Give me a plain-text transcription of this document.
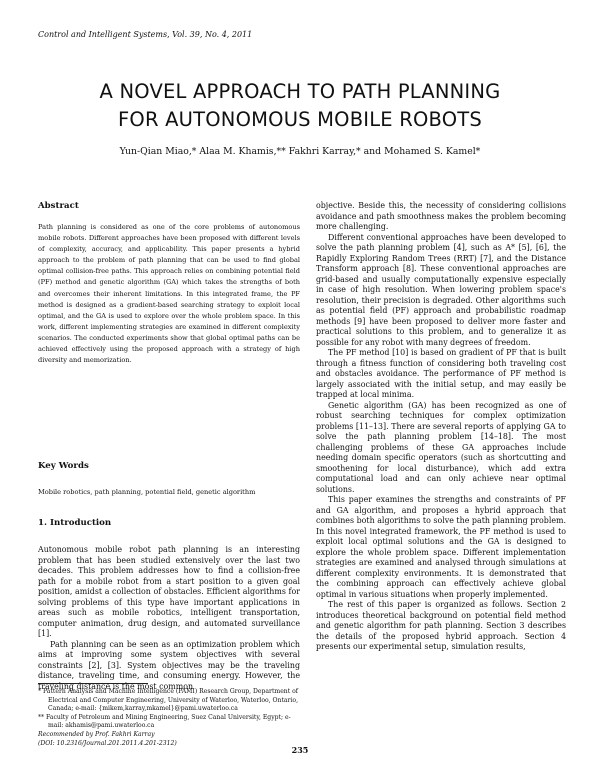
Control and Intelligent Systems, Vol. 39, No. 4, 2011
A NOVEL APPROACH TO PATH PLANNING
FOR AUTONOMOUS MOBILE ROBOTS
Yun-Qian Miao,* Alaa M. Khamis,** Fakhri Karray,* and Mohamed S. Kamel*
Abstract
Path planning is considered as one of the core problems of autonomous mobile robots. Different approaches have been proposed with different levels of complexity, accuracy, and applicability. This paper presents a hybrid approach to the problem of path planning that can be used to find global optimal collision-free paths. This approach relies on combining potential field (PF) method and genetic algorithm (GA) which takes the strengths of both and overcomes their inherent limitations. In this integrated frame, the PF method is designed as a gradient-based searching strategy to exploit local optimal, and the GA is used to explore over the whole problem space. In this work, different implementing strategies are examined in different complexity scenarios. The conducted experiments show that global optimal paths can be achieved effectively using the proposed approach with a strategy of high diversity and memorization.
Key Words
Mobile robotics, path planning, potential field, genetic algorithm
1. Introduction

Autonomous mobile robot path planning is an interesting problem that has been studied extensively over the last two decades. This problem addresses how to find a collision-free path for a mobile robot from a start position to a given goal position, amidst a collection of obstacles. Efficient algorithms for solving problems of this type have important applications in areas such as mobile robotics, intelligent transportation, computer animation, drug design, and automated surveillance [1].

Path planning can be seen as an optimization problem which aims at improving some system objectives with several constraints [2], [3]. System objectives may be the traveling distance, traveling time, and consuming energy. However, the traveling distance is the most common

* Pattern Analysis and Machine Intelligence (PAMI) Research Group, Department of Electrical and Computer Engineering, University of Waterloo, Waterloo, Ontario, Canada; e-mail: {mikem,karray,mkamel}@pami.uwaterloo.ca

** Faculty of Petroleum and Mining Engineering, Suez Canal University, Egypt; e-mail: akhamis@pami.uwaterloo.ca

Recommended by Prof. Fakhri Karray

(DOI: 10.2316/Journal.201.2011.4.201-2312)

objective. Beside this, the necessity of considering collisions avoidance and path smoothness makes the problem becoming more challenging.

Different conventional approaches have been developed to solve the path planning problem [4], such as A* [5], [6], the Rapidly Exploring Random Trees (RRT) [7], and the Distance Transform approach [8]. These conventional approaches are grid-based and usually computationally expensive especially in case of high resolution. When lowering problem space's resolution, their precision is degraded. Other algorithms such as potential field (PF) approach and probabilistic roadmap methods [9] have been proposed to deliver more faster and practical solutions to this problem, and to generalize it as possible for any robot with many degrees of freedom.

The PF method [10] is based on gradient of PF that is built through a fitness function of considering both traveling cost and obstacles avoidance. The performance of PF method is largely associated with the initial setup, and may easily be trapped at local minima.

Genetic algorithm (GA) has been recognized as one of robust searching techniques for complex optimization problems [11–13]. There are several reports of applying GA to solve the path planning problem [14–18]. The most challenging problems of these GA approaches include needing domain specific operators (such as shortcutting and smoothening for local disturbance), which add extra computational load and can only achieve near optimal solutions.

This paper examines the strengths and constraints of PF and GA algorithm, and proposes a hybrid approach that combines both algorithms to solve the path planning problem. In this novel integrated framework, the PF method is used to exploit local optimal solutions and the GA is designed to explore the whole problem space. Different implementation strategies are examined and analysed through simulations at different complexity environments. It is demonstrated that the combining approach can effectively achieve global optimal in various situations when properly implemented.

The rest of this paper is organized as follows. Section 2 introduces theoretical background on potential field method and genetic algorithm for path planning. Section 3 describes the details of the proposed hybrid approach. Section 4 presents our experimental setup, simulation results,

235
